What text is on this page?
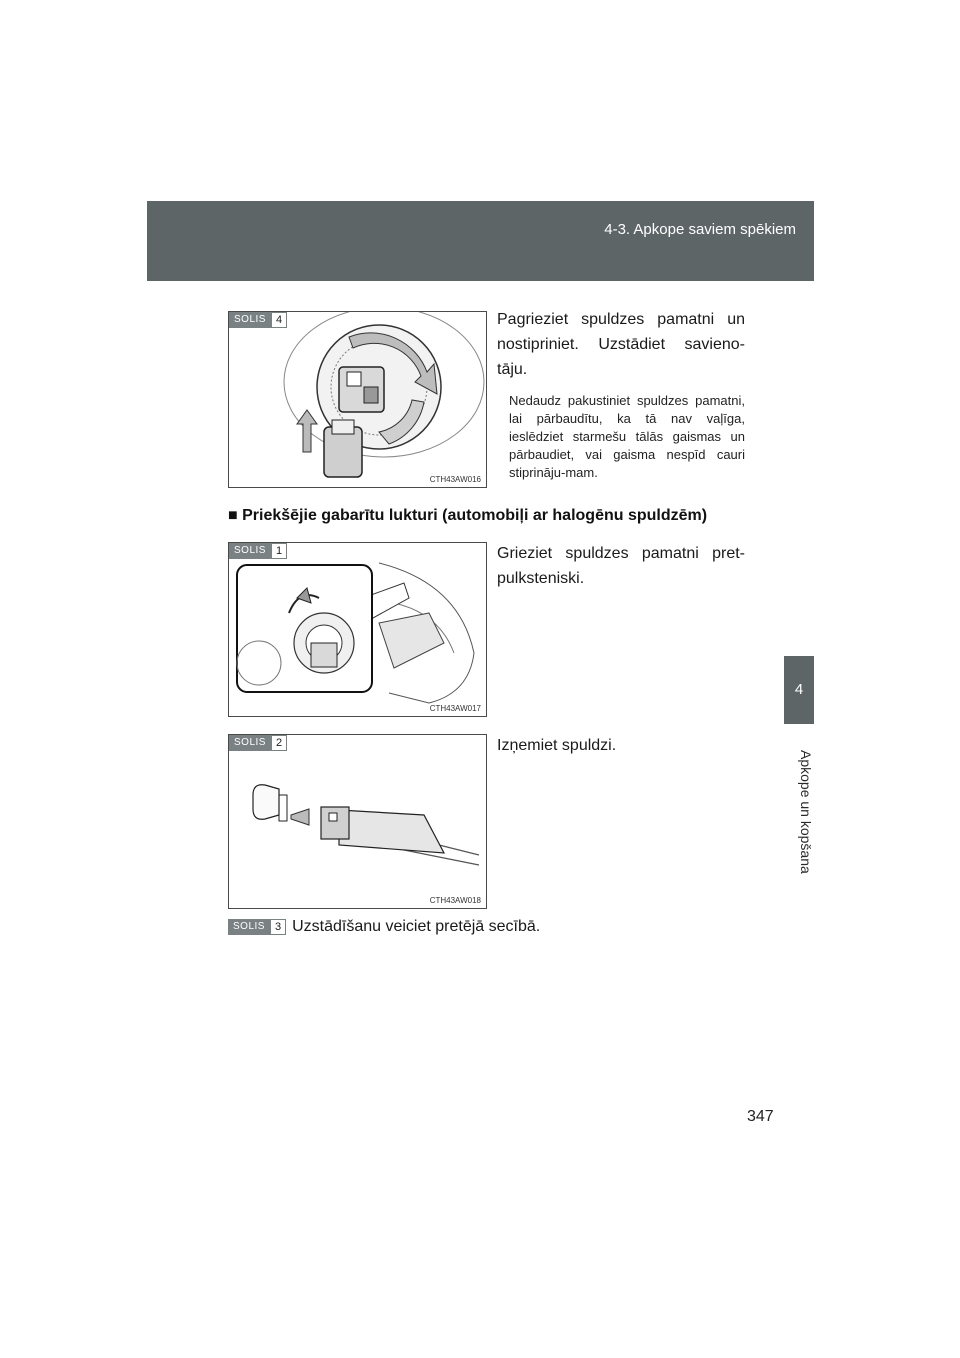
4-3. Apkope saviem spēkiem
4
Apkope un kopšana
SOLIS 4
CTH43AW016
Pagrieziet spuldzes pamatni un nostipriniet. Uzstādiet savieno-tāju.
Nedaudz pakustiniet spuldzes pamatni, lai pārbaudītu, ka tā nav vaļīga, ieslēdziet starmešu tālās gaismas un pārbaudiet, vai gaisma nespīd cauri stiprināju-mam.
■ Priekšējie gabarītu lukturi (automobiļi ar halogēnu spuldzēm)
SOLIS 1
CTH43AW017
Grieziet spuldzes pamatni pret-pulksteniski.
SOLIS 2
CTH43AW018
Izņemiet spuldzi.
SOLIS 3 Uzstādīšanu veiciet pretējā secībā.
347
